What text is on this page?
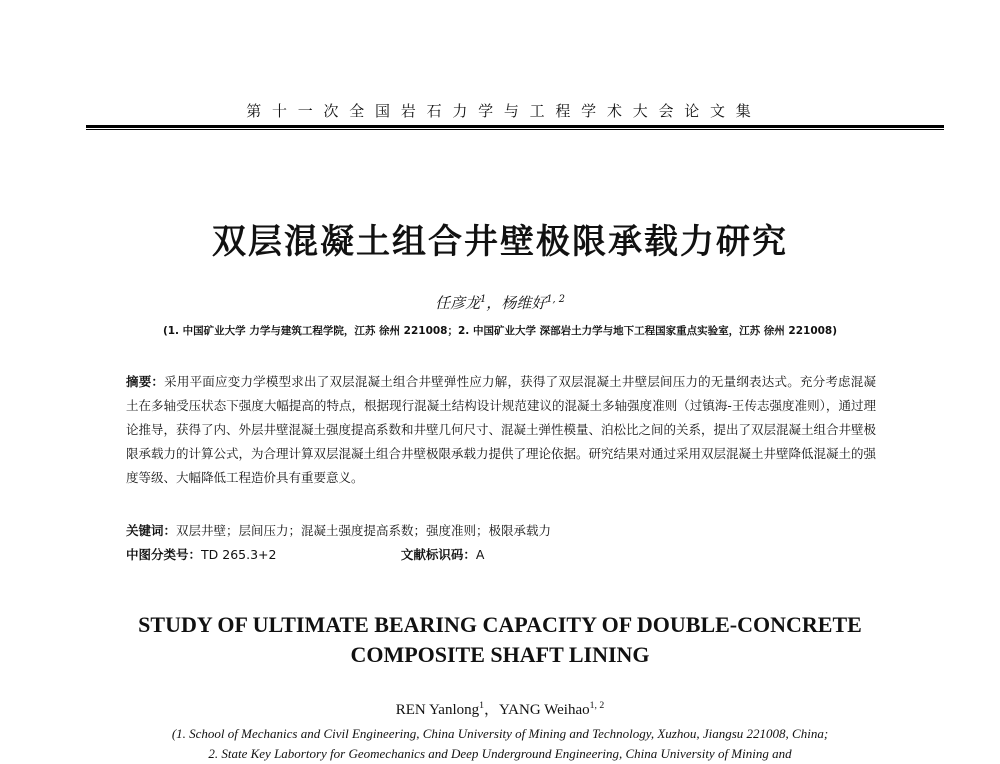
第 十 一 次 全 国 岩 石 力 学 与 工 程 学 术 大 会 论 文 集
双层混凝土组合井壁极限承载力研究
任彦龙$^1$，杨维好$^{1, 2}$
(1. 中国矿业大学 力学与建筑工程学院，江苏 徐州 221008；2. 中国矿业大学 深部岩土力学与地下工程国家重点实验室，江苏 徐州 221008)
摘要：采用平面应变力学模型求出了双层混凝土组合井壁弹性应力解，获得了双层混凝土井壁层间压力的无量纲表达式。充分考虑混凝土在多轴受压状态下强度大幅提高的特点，根据现行混凝土结构设计规范建议的混凝土多轴强度准则（过镇海-王传志强度准则），通过理论推导，获得了内、外层井壁混凝土强度提高系数和井壁几何尺寸、混凝土弹性模量、泊松比之间的关系，提出了双层混凝土组合井壁极限承载力的计算公式，为合理计算双层混凝土组合井壁极限承载力提供了理论依据。研究结果对通过采用双层混凝土井壁降低混凝土的强度等级、大幅降低工程造价具有重要意义。
关键词：双层井壁；层间压力；混凝土强度提高系数；强度准则；极限承载力
中图分类号：TD 265.3+2	文献标识码：A
STUDY OF ULTIMATE BEARING CAPACITY OF DOUBLE-CONCRETE
COMPOSITE SHAFT LINING
REN Yanlong$^1$，YANG Weihao$^{1, 2}$
(1. School of Mechanics and Civil Engineering, China University of Mining and Technology, Xuzhou, Jiangsu 221008, China;
2. State Key Labortory for Geomechanics and Deep Underground Engineering, China University of Mining and
